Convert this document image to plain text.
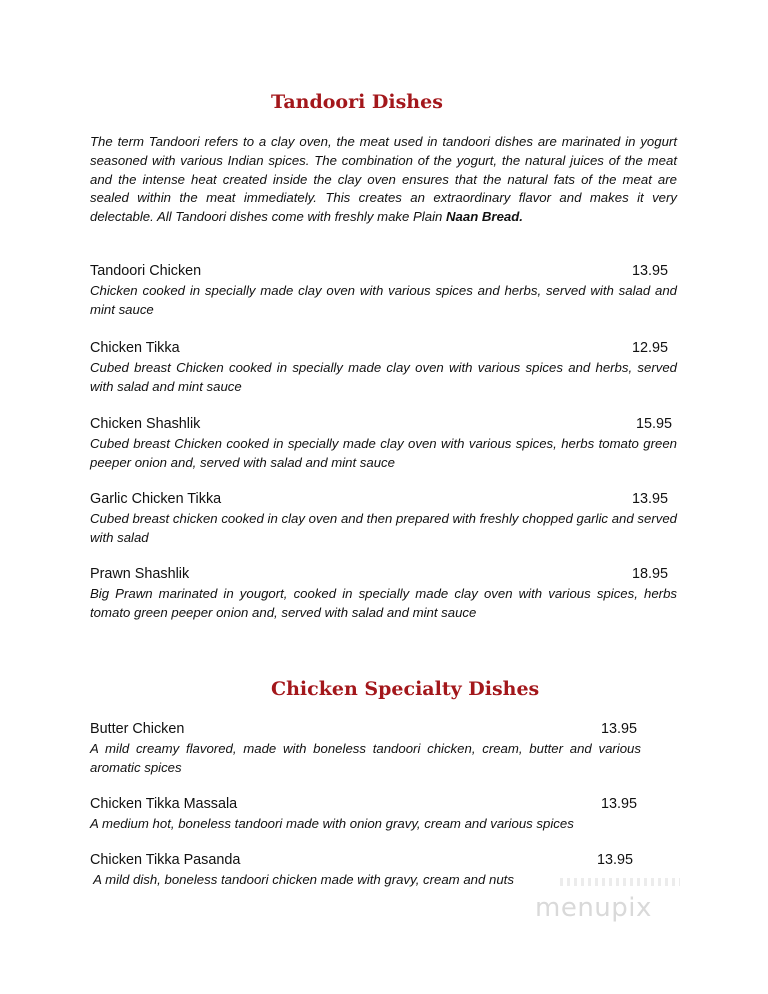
Tandoori Dishes

The term Tandoori refers to a clay oven, the meat used in tandoori dishes are marinated in yogurt seasoned with various Indian spices. The combination of the yogurt, the natural juices of the meat and the intense heat created inside the clay oven ensures that the natural fats of the meat are sealed within the meat immediately. This creates an extraordinary flavor and makes it very delectable. All Tandoori dishes come with freshly make Plain Naan Bread.

Tandoori Chicken	13.95

Chicken cooked in specially made clay oven with various spices and herbs, served with salad and mint sauce

Chicken Tikka	12.95

Cubed breast Chicken cooked in specially made clay oven with various spices and herbs, served with salad and mint sauce

Chicken Shashlik	15.95

Cubed breast Chicken cooked in specially made clay oven with various spices, herbs tomato green peeper onion and, served with salad and mint sauce

Garlic Chicken Tikka	13.95

Cubed breast chicken cooked in clay oven and then prepared with freshly chopped garlic and served with salad

Prawn Shashlik	18.95

Big Prawn marinated in yougort, cooked in specially made clay oven with various spices, herbs tomato green peeper onion and, served with salad and mint sauce

Chicken Specialty Dishes
Butter Chicken	13.95

A mild creamy flavored, made with boneless tandoori chicken, cream, butter and various aromatic spices

Chicken Tikka Massala	13.95

A medium hot, boneless tandoori made with onion gravy, cream and various spices

Chicken Tikka Pasanda	13.95

A mild dish, boneless tandoori chicken made with gravy, cream and nuts

menupix
